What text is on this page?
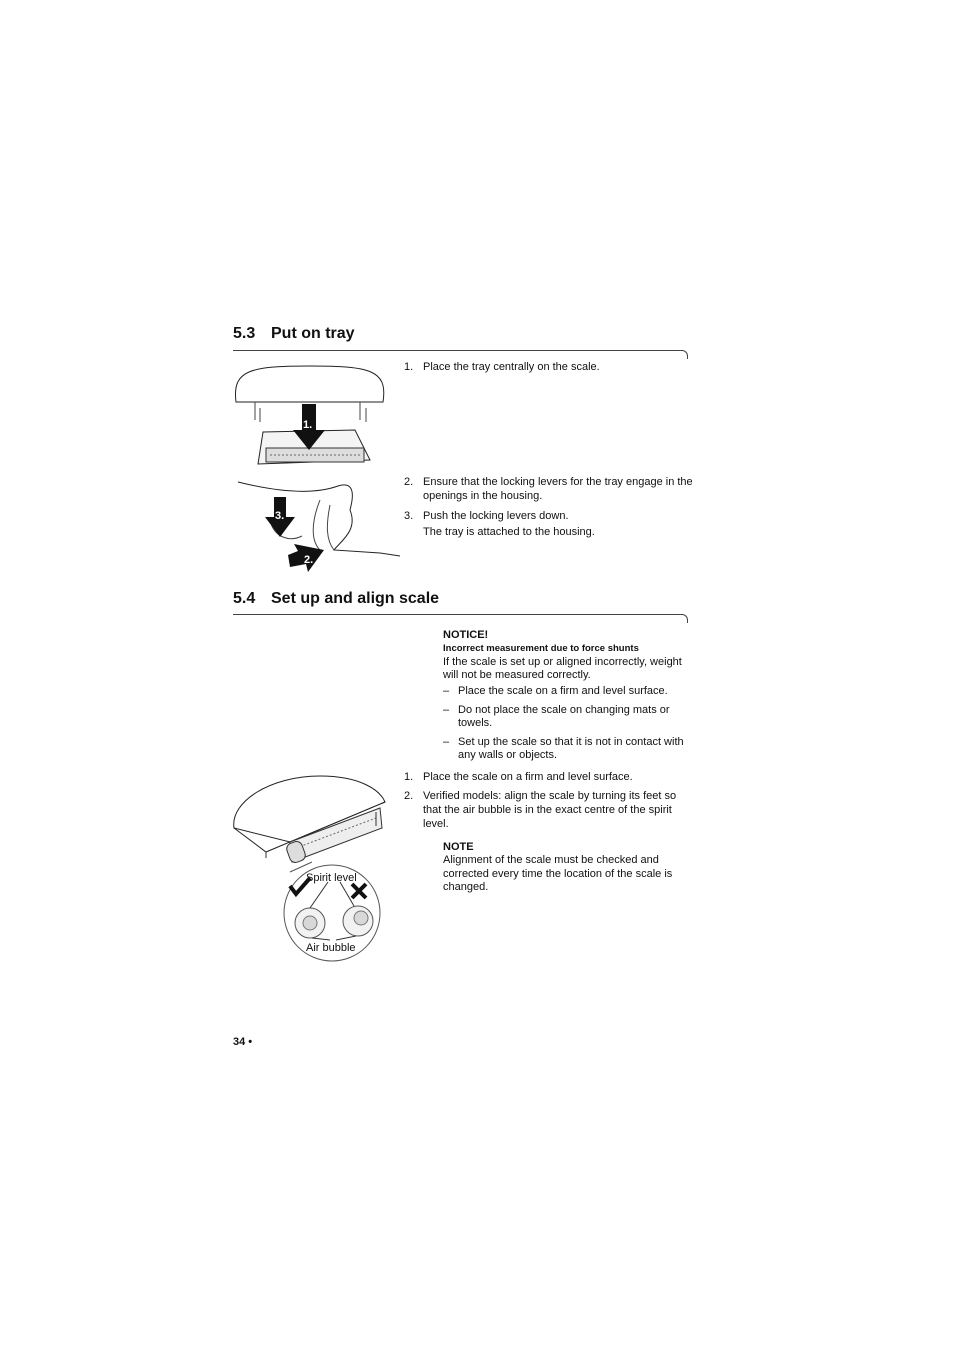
5.3 Put on tray
1.
3.
2.
1. Place the tray centrally on the scale.
2. Ensure that the locking levers for the tray engage in the openings in the housing.
3. Push the locking levers down.
The tray is attached to the housing.
5.4 Set up and align scale
NOTICE!
Incorrect measurement due to force shunts
If the scale is set up or aligned incorrectly, weight will not be measured correctly.
– Place the scale on a firm and level surface.
– Do not place the scale on changing mats or towels.
– Set up the scale so that it is not in contact with any walls or objects.
1. Place the scale on a firm and level surface.
2. Verified models: align the scale by turning its feet so that the air bubble is in the exact centre of the spirit level.
NOTE
Alignment of the scale must be checked and corrected every time the location of the scale is changed.
Spirit level
Air bubble
34 •
